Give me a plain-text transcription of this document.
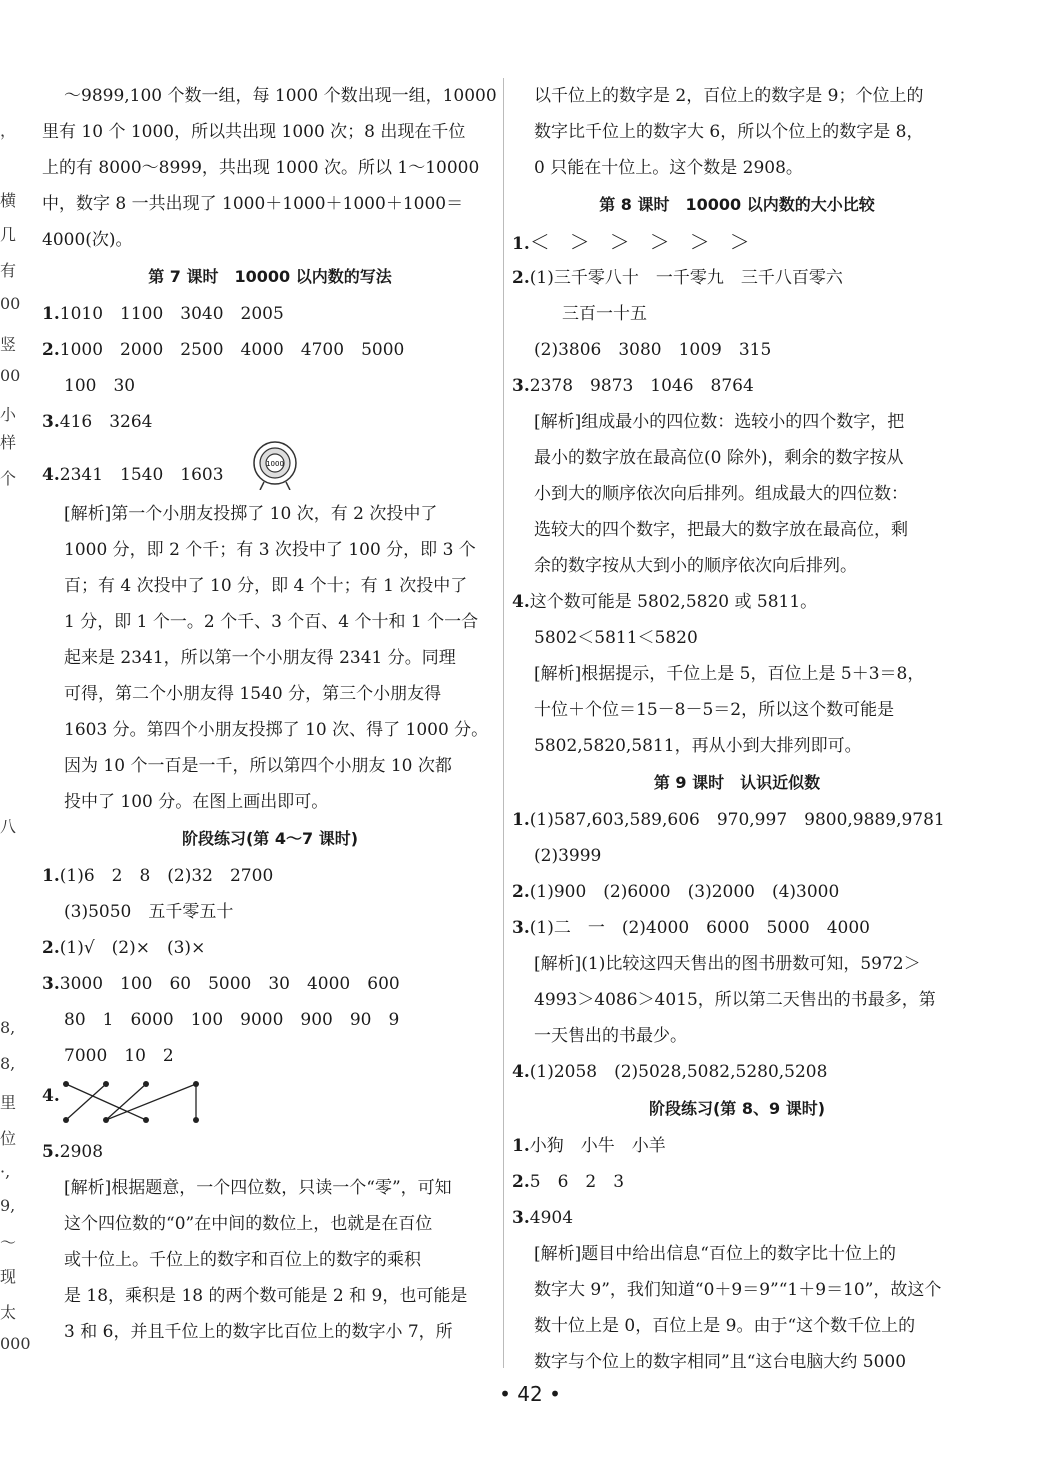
，
横
几
有
00
竖
00
小
样
个
八
8,
8,
里
位
·,
9,
～
现
太
000
～9899,100 个数一组，每 1000 个数出现一组，10000
里有 10 个 1000，所以共出现 1000 次；8 出现在千位
上的有 8000～8999，共出现 1000 次。所以 1～10000
中，数字 8 一共出现了 1000＋1000＋1000＋1000＝
4000(次)。
第 7 课时　10000 以内数的写法
1.1010　1100　3040　2005
2.1000　2000　2500　4000　4700　5000
100　30
3.416　3264
4.2341　1540　1603
1000
[解析]第一个小朋友投掷了 10 次，有 2 次投中了
1000 分，即 2 个千；有 3 次投中了 100 分，即 3 个
百；有 4 次投中了 10 分，即 4 个十；有 1 次投中了
1 分，即 1 个一。2 个千、3 个百、4 个十和 1 个一合
起来是 2341，所以第一个小朋友得 2341 分。同理
可得，第二个小朋友得 1540 分，第三个小朋友得
1603 分。第四个小朋友投掷了 10 次、得了 1000 分。
因为 10 个一百是一千，所以第四个小朋友 10 次都
投中了 100 分。在图上画出即可。
阶段练习(第 4～7 课时)
1.(1)6　2　8　(2)32　2700
(3)5050　五千零五十
2.(1)√　(2)×　(3)×
3.3000　100　60　5000　30　4000　600
80　1　6000　100　9000　900　90　9
7000　10　2
4.
5.2908
[解析]根据题意，一个四位数，只读一个“零”，可知
这个四位数的“0”在中间的数位上，也就是在百位
或十位上。千位上的数字和百位上的数字的乘积
是 18，乘积是 18 的两个数可能是 2 和 9，也可能是
3 和 6，并且千位上的数字比百位上的数字小 7，所
以千位上的数字是 2，百位上的数字是 9；个位上的
数字比千位上的数字大 6，所以个位上的数字是 8，
0 只能在十位上。这个数是 2908。
第 8 课时　10000 以内数的大小比较
1.＜　＞　＞　＞　＞　＞
2.(1)三千零八十　一千零九　三千八百零六
三百一十五
(2)3806　3080　1009　315
3.2378　9873　1046　8764
[解析]组成最小的四位数：选较小的四个数字，把
最小的数字放在最高位(0 除外)，剩余的数字按从
小到大的顺序依次向后排列。组成最大的四位数：
选较大的四个数字，把最大的数字放在最高位，剩
余的数字按从大到小的顺序依次向后排列。
4.这个数可能是 5802,5820 或 5811。
5802＜5811＜5820
[解析]根据提示，千位上是 5，百位上是 5＋3＝8，
十位＋个位＝15－8－5＝2，所以这个数可能是
5802,5820,5811，再从小到大排列即可。
第 9 课时　认识近似数
1.(1)587,603,589,606　970,997　9800,9889,9781
(2)3999
2.(1)900　(2)6000　(3)2000　(4)3000
3.(1)二　一　(2)4000　6000　5000　4000
[解析](1)比较这四天售出的图书册数可知，5972＞
4993＞4086＞4015，所以第二天售出的书最多，第
一天售出的书最少。
4.(1)2058　(2)5028,5082,5280,5208
阶段练习(第 8、9 课时)
1.小狗　小牛　小羊
2.5　6　2　3
3.4904
[解析]题目中给出信息“百位上的数字比十位上的
数字大 9”，我们知道“0＋9＝9”“1＋9＝10”，故这个
数十位上是 0，百位上是 9。由于“这个数千位上的
数字与个位上的数字相同”且“这台电脑大约 5000
• 42 •
